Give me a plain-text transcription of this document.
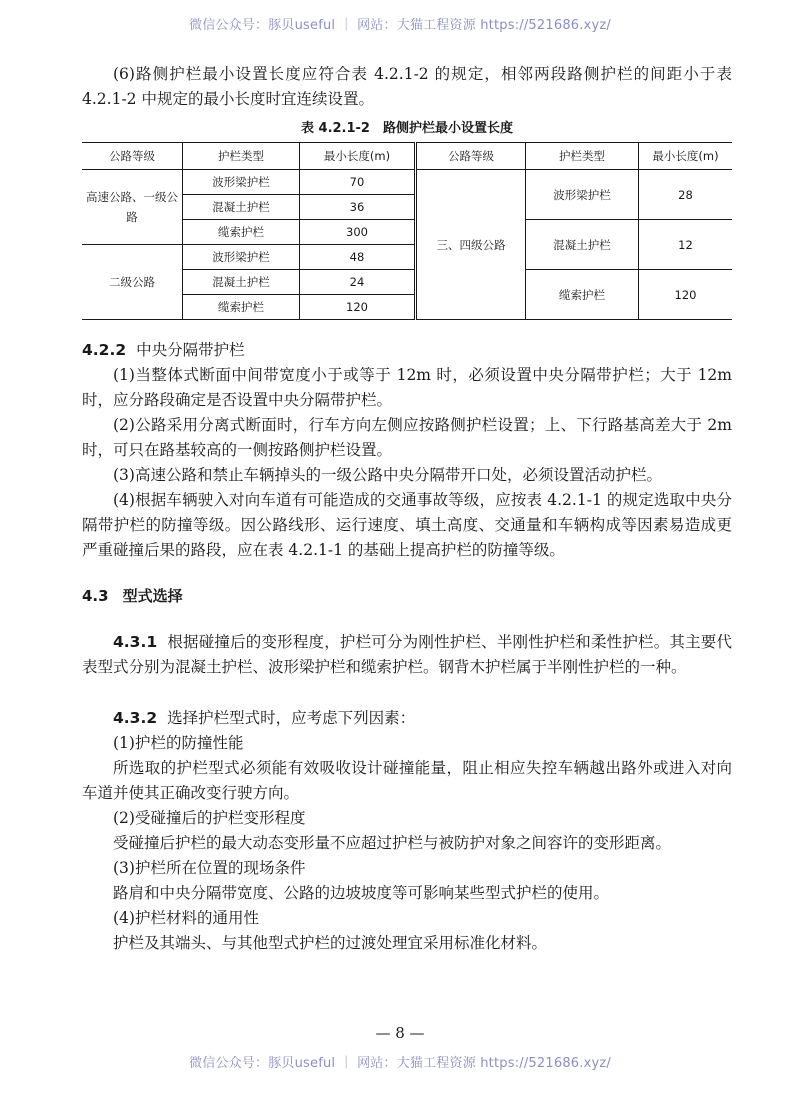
微信公众号：豚贝useful ｜ 网站：大猫工程资源 https://521686.xyz/

(6)路侧护栏最小设置长度应符合表 4.2.1-2 的规定，相邻两段路侧护栏的间距小于表 4.2.1-2 中规定的最小长度时宜连续设置。

表 4.2.1-2　路侧护栏最小设置长度
公路等级	护栏类型	最小长度(m)	公路等级	护栏类型	最小长度(m)
高速公路、一级公路	波形梁护栏	70	三、四级公路	波形梁护栏	28
	混凝土护栏	36			
	缆索护栏	300		混凝土护栏	12
二级公路	波形梁护栏	48			
	混凝土护栏	24		缆索护栏	120
	缆索护栏	120			

4.2.2 中央分隔带护栏

(1)当整体式断面中间带宽度小于或等于 12m 时，必须设置中央分隔带护栏；大于 12m 时，应分路段确定是否设置中央分隔带护栏。

(2)公路采用分离式断面时，行车方向左侧应按路侧护栏设置；上、下行路基高差大于 2m 时，可只在路基较高的一侧按路侧护栏设置。

(3)高速公路和禁止车辆掉头的一级公路中央分隔带开口处，必须设置活动护栏。

(4)根据车辆驶入对向车道有可能造成的交通事故等级，应按表 4.2.1-1 的规定选取中央分隔带护栏的防撞等级。因公路线形、运行速度、填土高度、交通量和车辆构成等因素易造成更严重碰撞后果的路段，应在表 4.2.1-1 的基础上提高护栏的防撞等级。

4.3 型式选择

4.3.1 根据碰撞后的变形程度，护栏可分为刚性护栏、半刚性护栏和柔性护栏。其主要代表型式分别为混凝土护栏、波形梁护栏和缆索护栏。钢背木护栏属于半刚性护栏的一种。

4.3.2 选择护栏型式时，应考虑下列因素：

(1)护栏的防撞性能

所选取的护栏型式必须能有效吸收设计碰撞能量，阻止相应失控车辆越出路外或进入对向车道并使其正确改变行驶方向。

(2)受碰撞后的护栏变形程度

受碰撞后护栏的最大动态变形量不应超过护栏与被防护对象之间容许的变形距离。

(3)护栏所在位置的现场条件

路肩和中央分隔带宽度、公路的边坡坡度等可影响某些型式护栏的使用。

(4)护栏材料的通用性

护栏及其端头、与其他型式护栏的过渡处理宜采用标准化材料。

— 8 —
微信公众号：豚贝useful ｜ 网站：大猫工程资源 https://521686.xyz/
